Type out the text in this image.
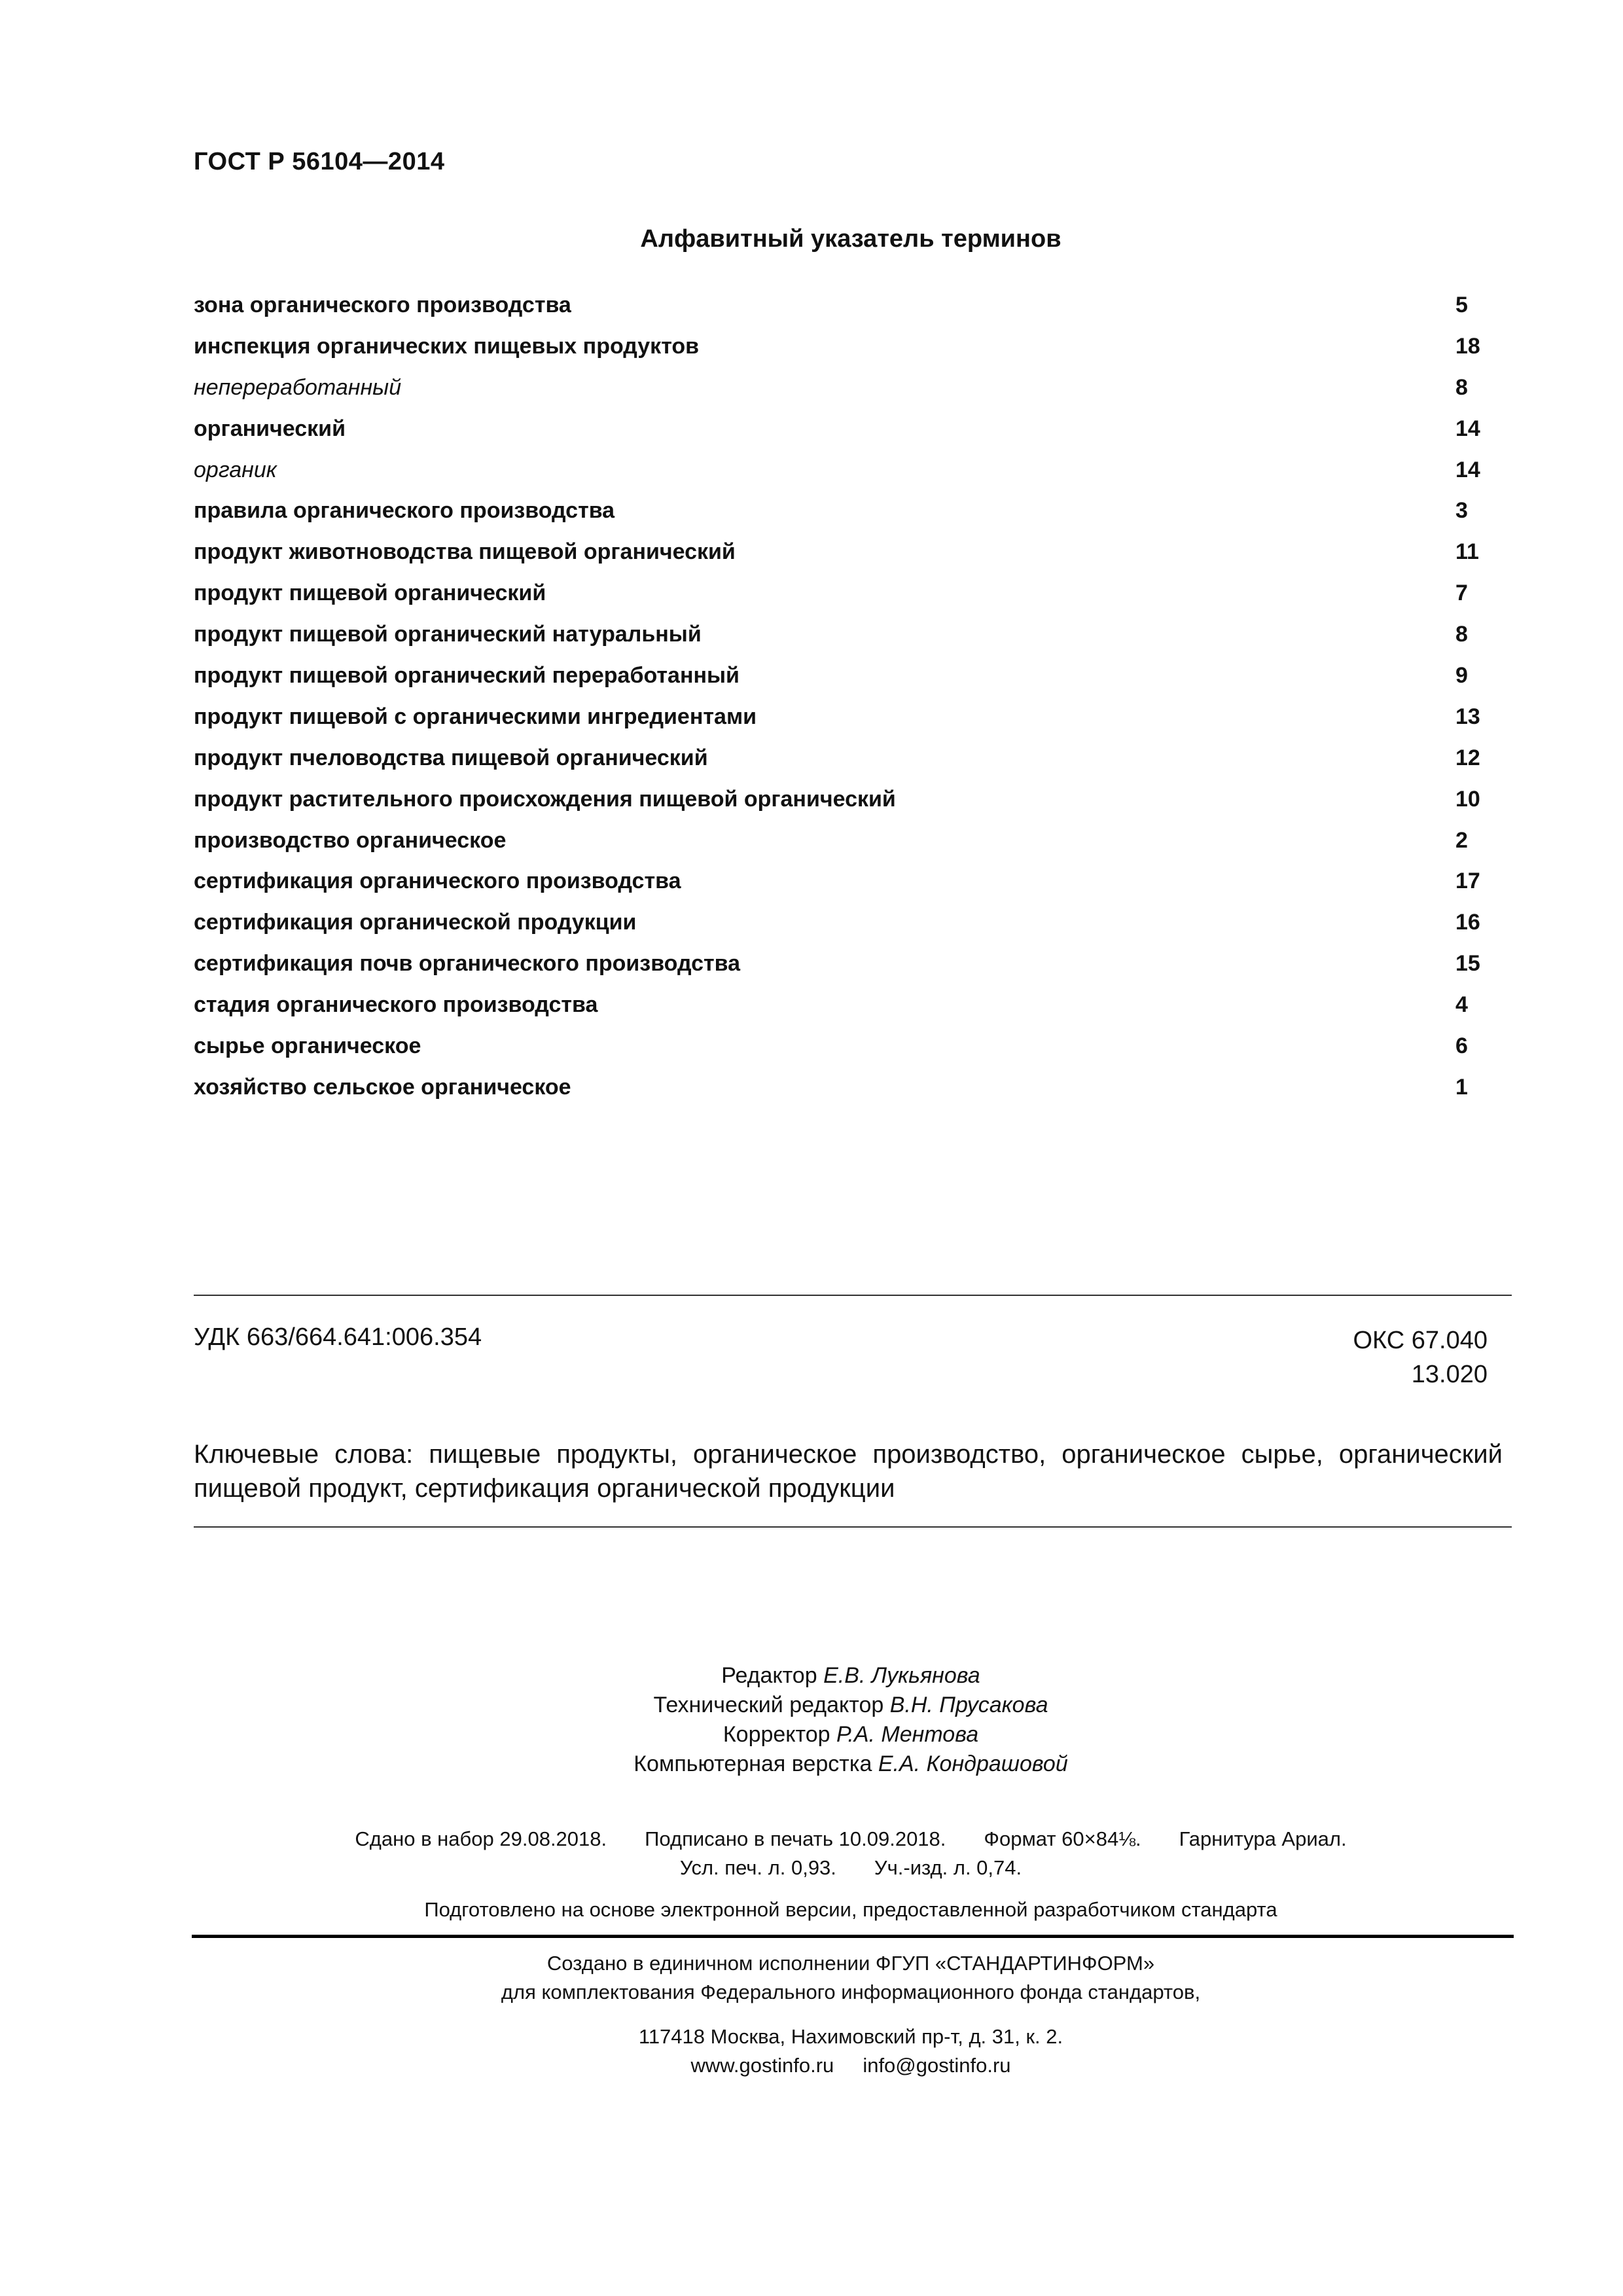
ГОСТ Р 56104—2014
Алфавитный указатель терминов
зона органического производства	5
инспекция органических пищевых продуктов	18
непереработанный	8
органический	14
органик	14
правила органического производства	3
продукт животноводства пищевой органический	11
продукт пищевой органический	7
продукт пищевой органический натуральный	8
продукт пищевой органический переработанный	9
продукт пищевой с органическими ингредиентами	13
продукт пчеловодства пищевой органический	12
продукт растительного происхождения пищевой органический	10
производство органическое	2
сертификация органического производства	17
сертификация органической продукции	16
сертификация почв органического производства	15
стадия органического производства	4
сырье органическое	6
хозяйство сельское органическое	1
УДК 663/664.641:006.354	ОКС 67.040
13.020
Ключевые слова: пищевые продукты, органическое производство, органическое сырье, органический пищевой продукт, сертификация органической продукции
Редактор Е.В. Лукьянова
Технический редактор В.Н. Прусакова
Корректор Р.А. Ментова
Компьютерная верстка Е.А. Кондрашовой
Сдано в набор 29.08.2018. Подписано в печать 10.09.2018. Формат 60×84⅛. Гарнитура Ариал.
Усл. печ. л. 0,93. Уч.-изд. л. 0,74.
Подготовлено на основе электронной версии, предоставленной разработчиком стандарта
Создано в единичном исполнении ФГУП «СТАНДАРТИНФОРМ»
для комплектования Федерального информационного фонда стандартов,
117418 Москва, Нахимовский пр-т, д. 31, к. 2.
www.gostinfo.ru info@gostinfo.ru
